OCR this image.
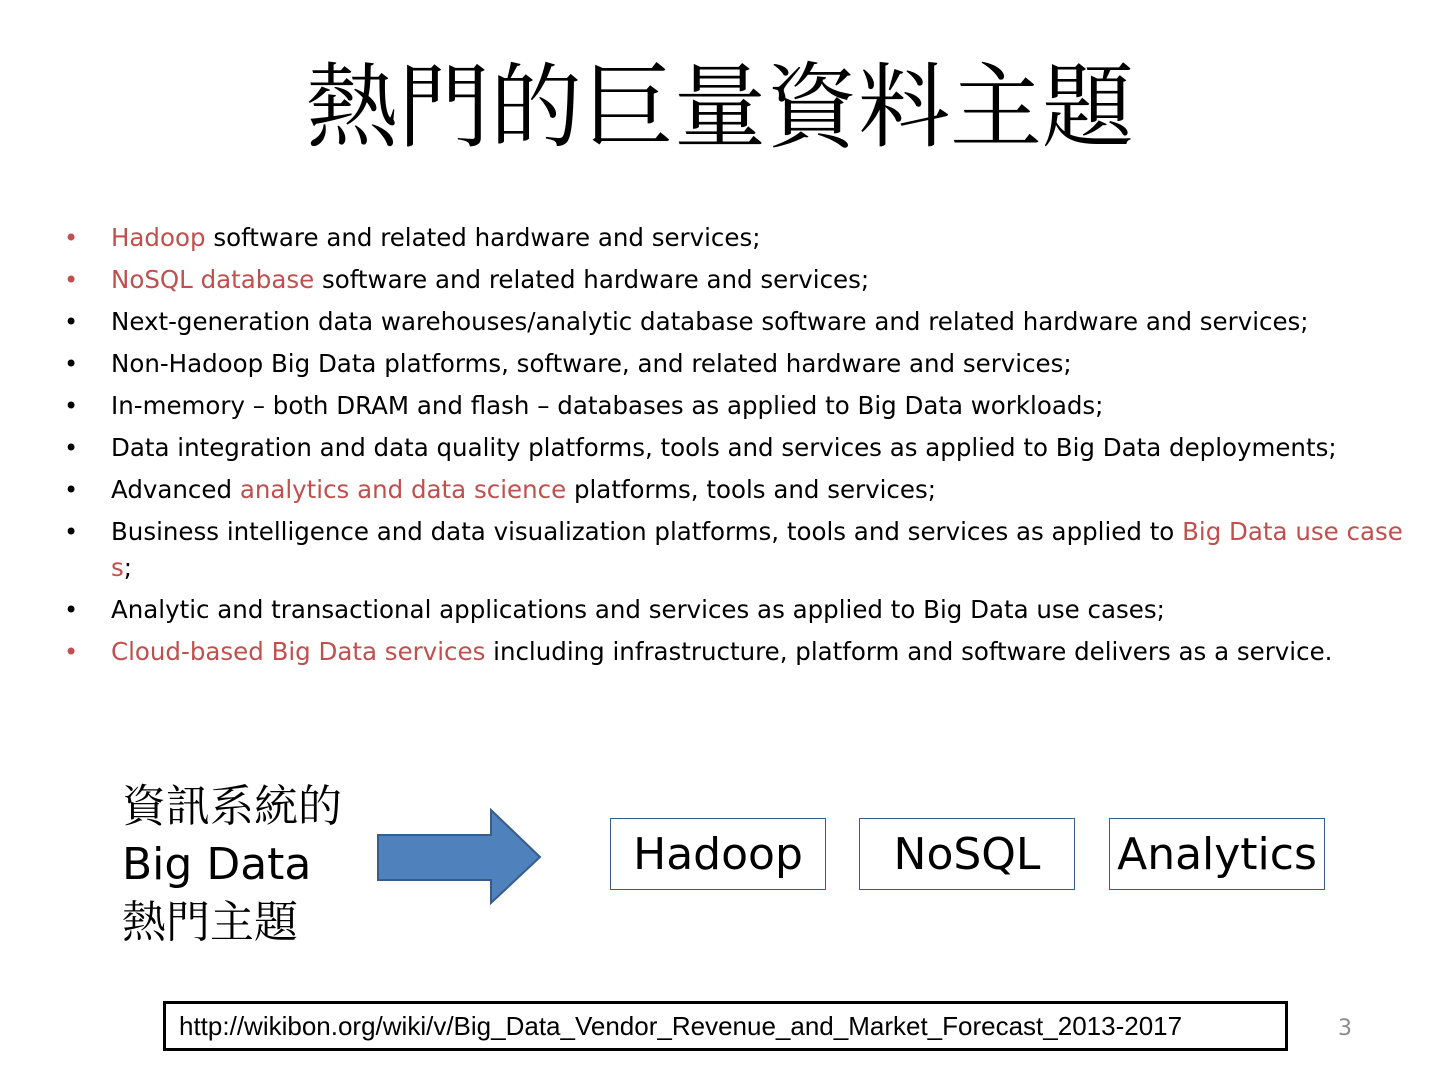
熱門的巨量資料主題
•	Hadoop software and related hardware and services;
•	NoSQL database software and related hardware and services;
•	Next-generation data warehouses/analytic database software and related hardware and services;
•	Non-Hadoop Big Data platforms, software, and related hardware and services;
•	In-memory – both DRAM and flash – databases as applied to Big Data workloads;
•	Data integration and data quality platforms, tools and services as applied to Big Data deployments;
•	Advanced analytics and data science platforms, tools and services;
•	Business intelligence and data visualization platforms, tools and services as applied to Big Data use cases;
•	Analytic and transactional applications and services as applied to Big Data use cases;
•	Cloud-based Big Data services including infrastructure, platform and software delivers as a service.
資訊系統的 Big Data 熱門主題
Hadoop	NoSQL	Analytics
http://wikibon.org/wiki/v/Big_Data_Vendor_Revenue_and_Market_Forecast_2013-2017	3
